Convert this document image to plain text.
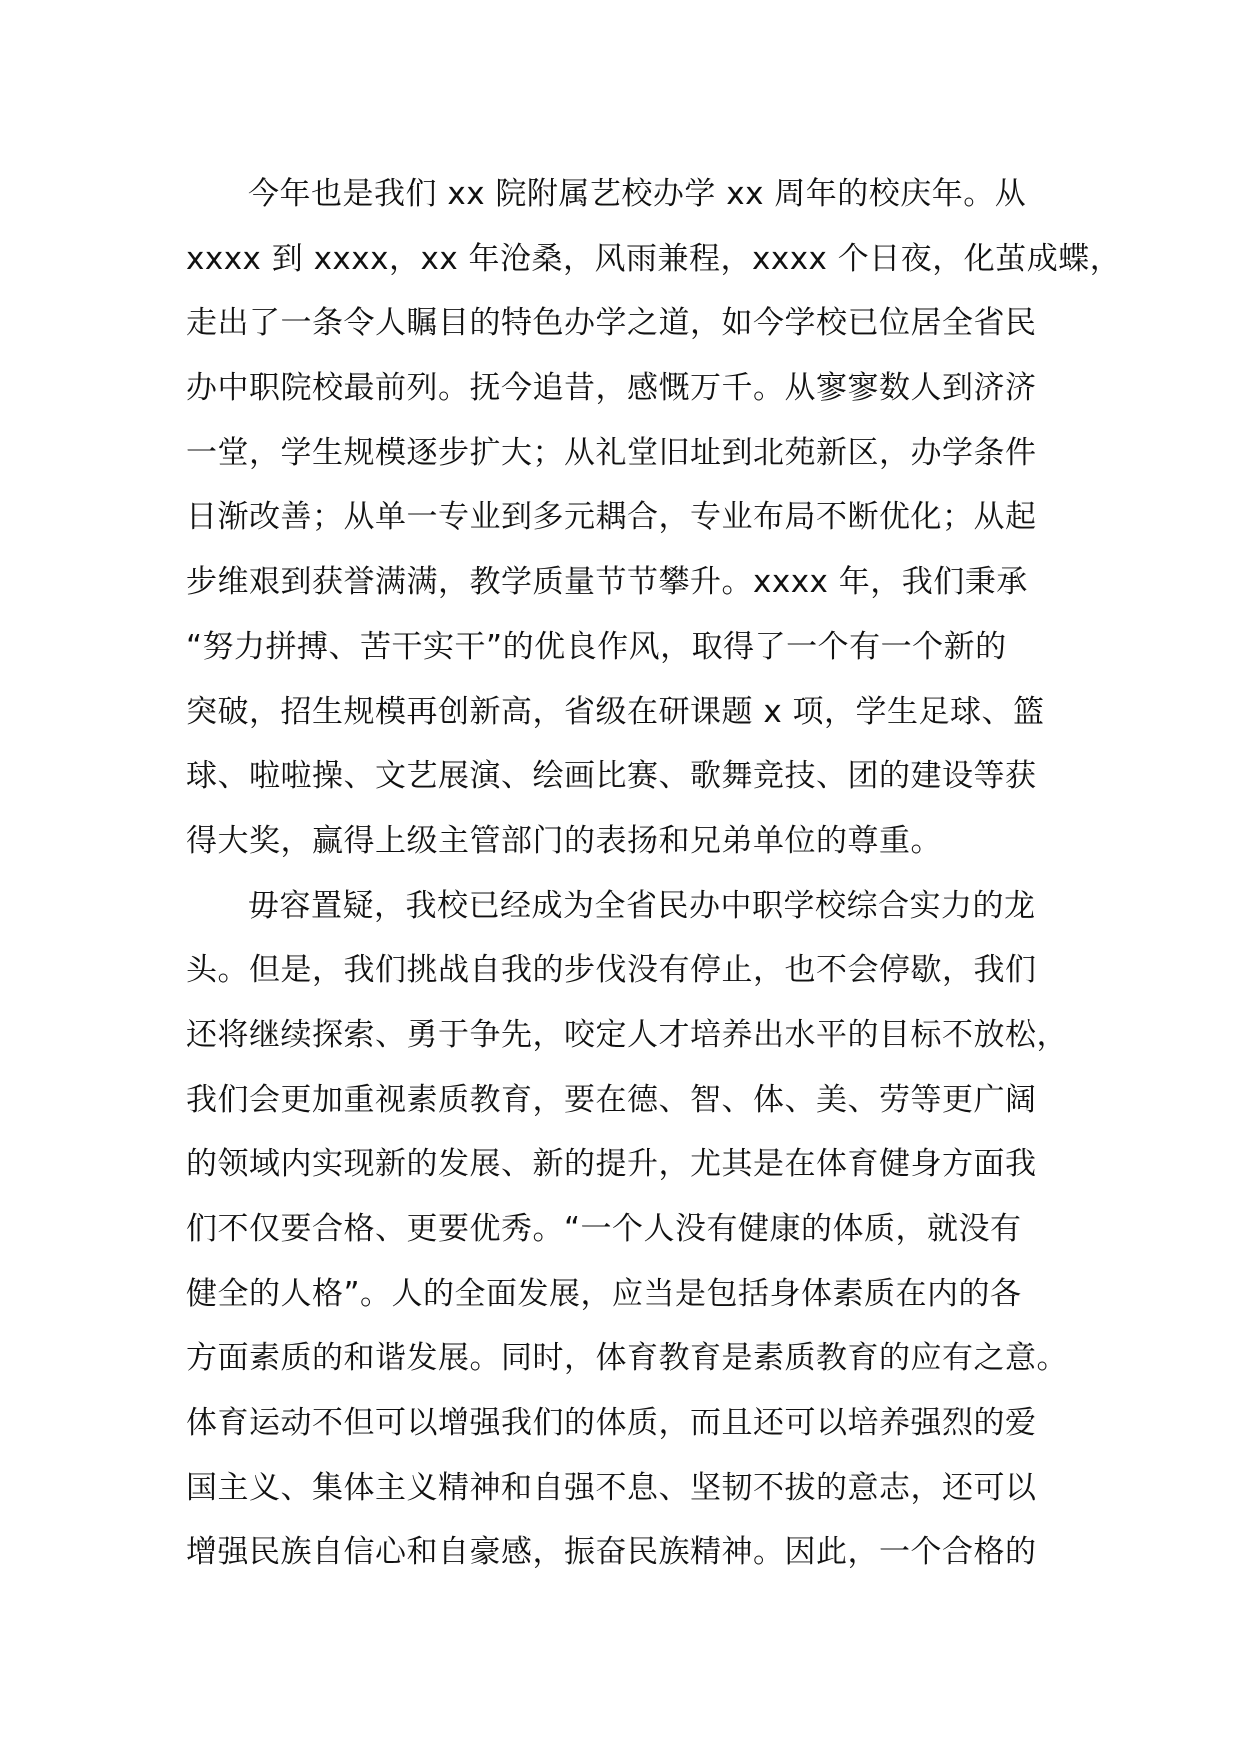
今年也是我们 xx 院附属艺校办学 xx 周年的校庆年。从
xxxx 到 xxxx，xx 年沧桑，风雨兼程，xxxx 个日夜，化茧成蝶，
走出了一条令人瞩目的特色办学之道，如今学校已位居全省民
办中职院校最前列。抚今追昔，感慨万千。从寥寥数人到济济
一堂，学生规模逐步扩大；从礼堂旧址到北苑新区，办学条件
日渐改善；从单一专业到多元耦合，专业布局不断优化；从起
步维艰到获誉满满，教学质量节节攀升。xxxx 年，我们秉承
“努力拼搏、苦干实干”的优良作风，取得了一个有一个新的
突破，招生规模再创新高，省级在研课题 x 项，学生足球、篮
球、啦啦操、文艺展演、绘画比赛、歌舞竞技、团的建设等获
得大奖，赢得上级主管部门的表扬和兄弟单位的尊重。
毋容置疑，我校已经成为全省民办中职学校综合实力的龙
头。但是，我们挑战自我的步伐没有停止，也不会停歇，我们
还将继续探索、勇于争先，咬定人才培养出水平的目标不放松，
我们会更加重视素质教育，要在德、智、体、美、劳等更广阔
的领域内实现新的发展、新的提升，尤其是在体育健身方面我
们不仅要合格、更要优秀。“一个人没有健康的体质，就没有
健全的人格”。人的全面发展，应当是包括身体素质在内的各
方面素质的和谐发展。同时，体育教育是素质教育的应有之意。
体育运动不但可以增强我们的体质，而且还可以培养强烈的爱
国主义、集体主义精神和自强不息、坚韧不拔的意志，还可以
增强民族自信心和自豪感，振奋民族精神。因此，一个合格的
